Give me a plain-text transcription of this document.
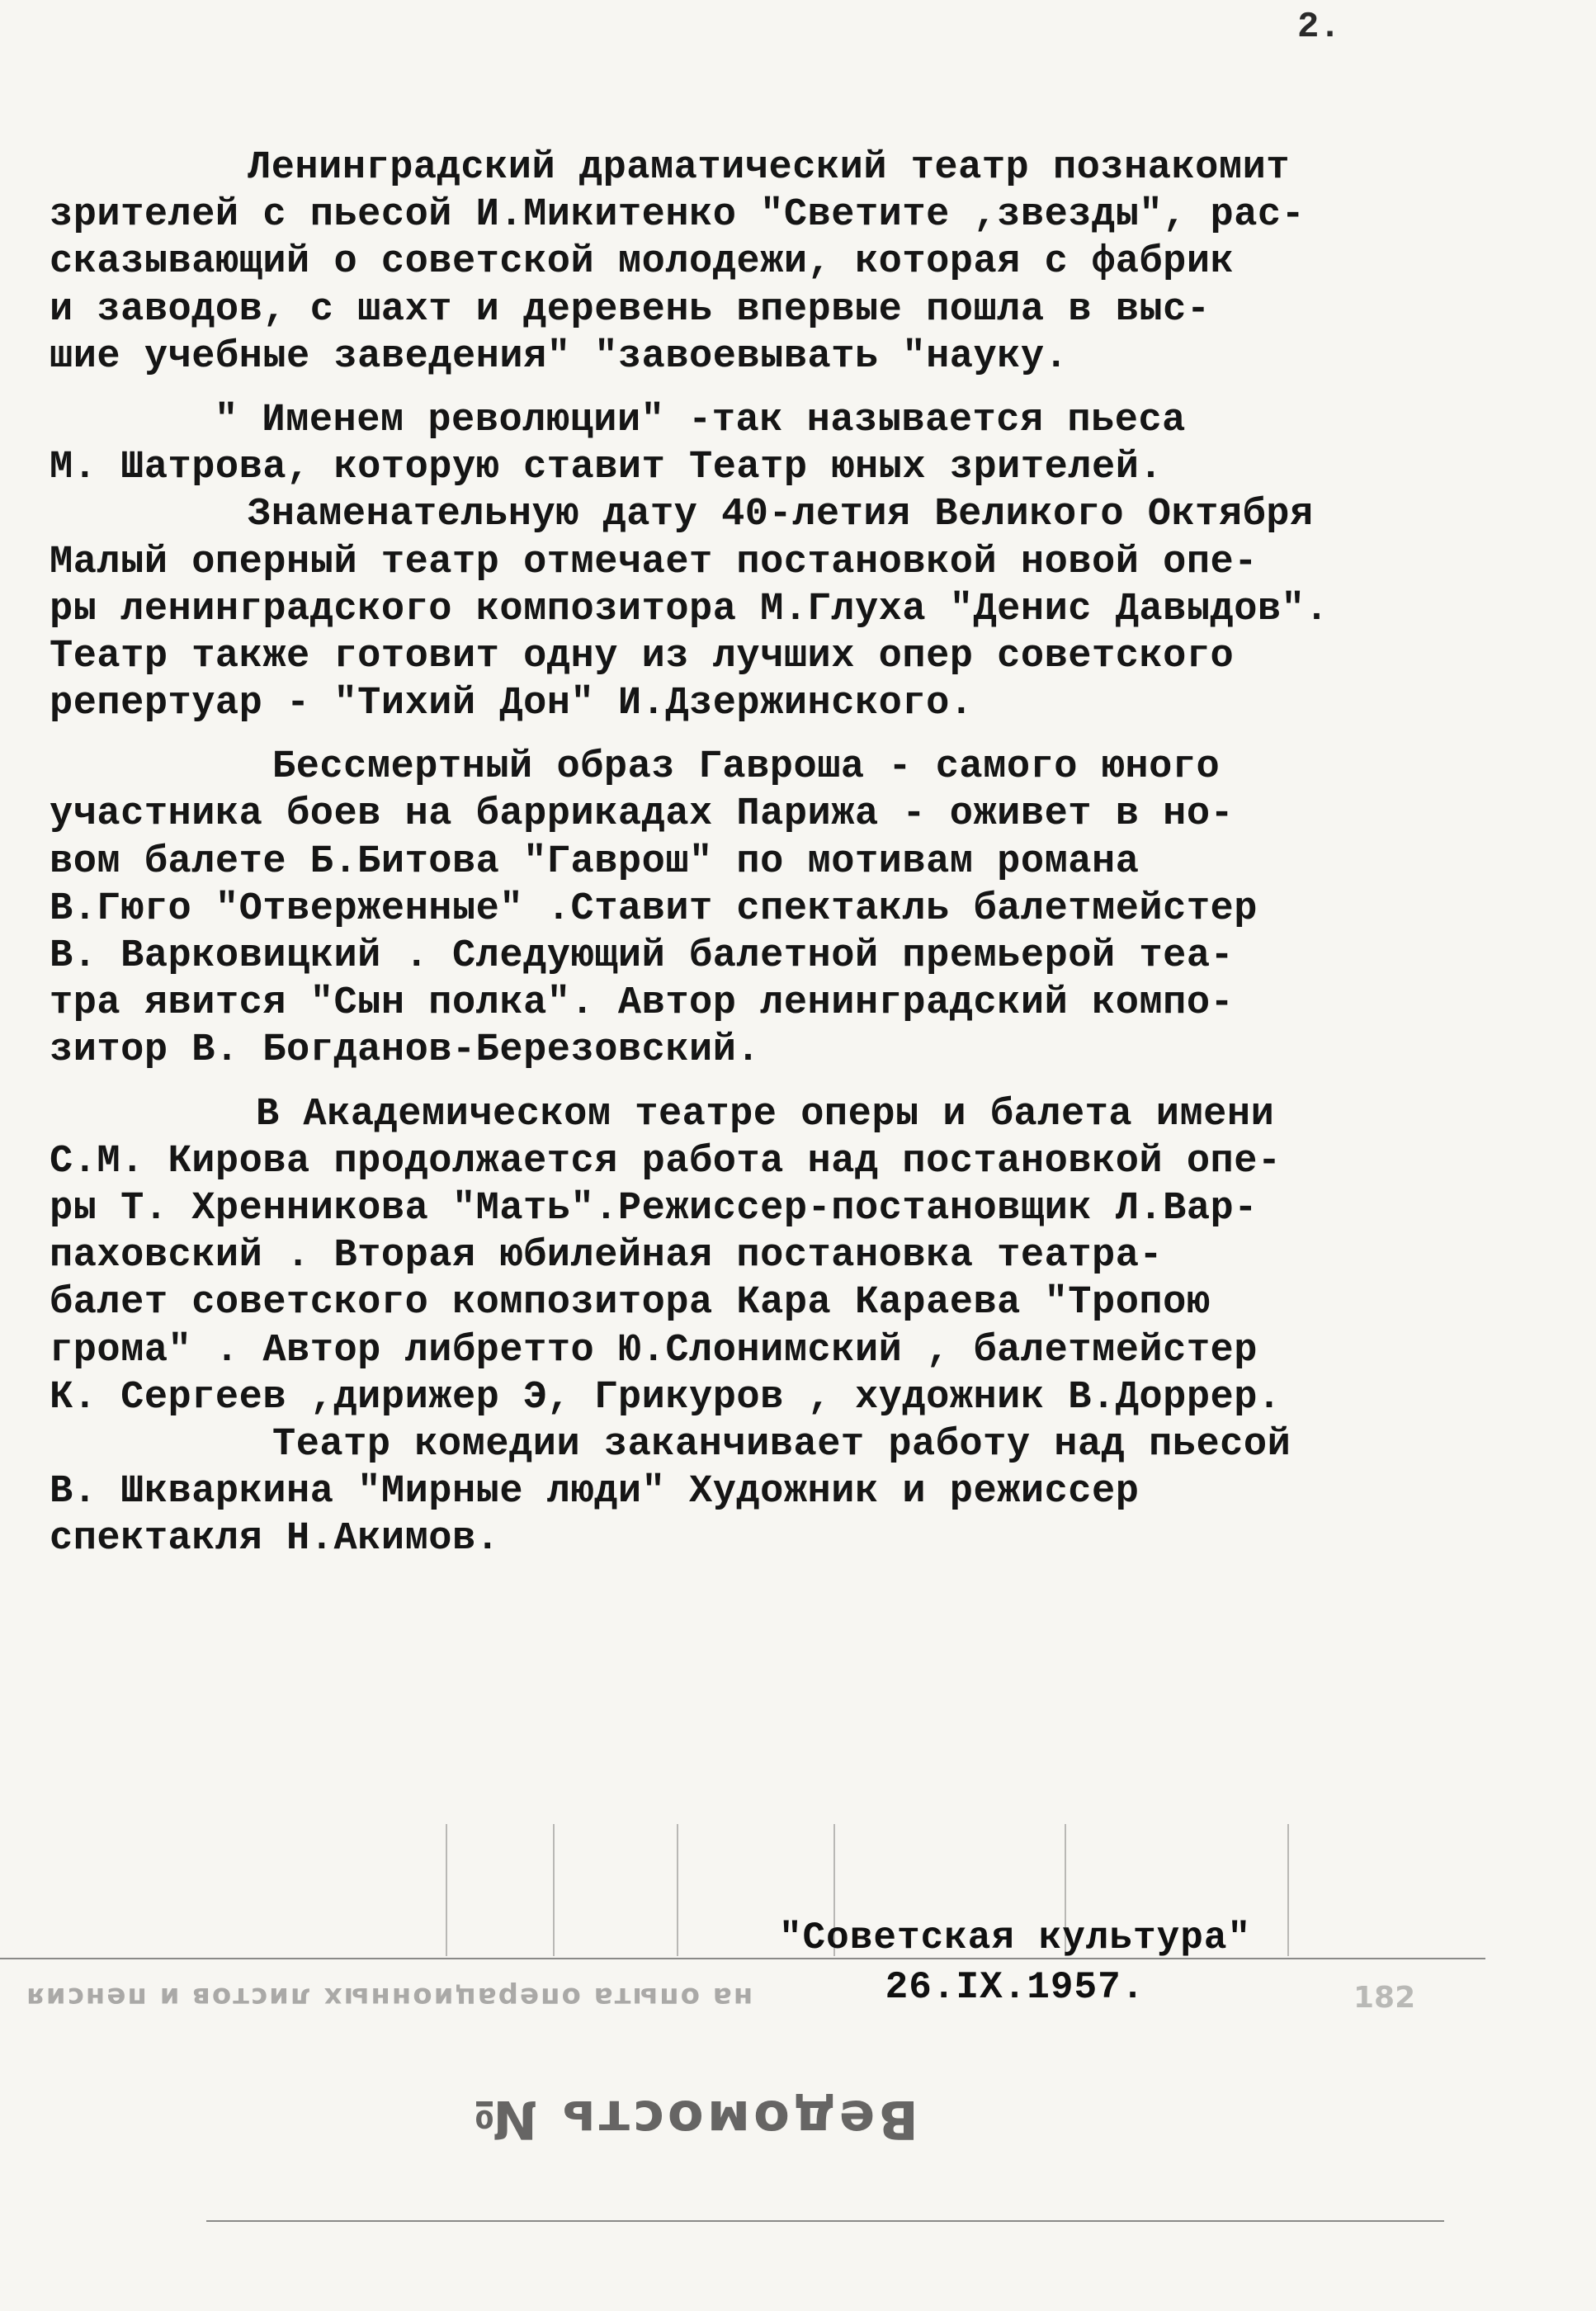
2.
Ленинградский драматический театр познакомит
зрителей с пьесой И.Микитенко "Светите ,звезды", рас-
сказывающий о советской молодежи, которая с фабрик
и заводов, с шахт и деревень впервые пошла в выс-
шие учебные заведения" "завоевывать "науку.
" Именем революции" -так называется пьеса
М. Шатрова, которую ставит Театр юных зрителей.
Знаменательную дату 40-летия Великого Октября
Малый оперный театр отмечает постановкой новой опе-
ры ленинградского композитора М.Глуха "Денис Давыдов".
Театр также готовит одну из лучших опер советского
репертуар - "Тихий Дон" И.Дзержинского.
Бессмертный образ Гавроша - самого юного
участника боев на баррикадах Парижа - оживет в но-
вом балете Б.Битова "Гаврош" по мотивам романа
В.Гюго "Отверженные" .Ставит спектакль балетмейстер
В. Варковицкий . Следующий балетной премьерой теа-
тра явится "Сын полка". Автор ленинградский компо-
зитор В. Богданов-Березовский.
В Академическом театре оперы и балета имени
С.М. Кирова продолжается работа над постановкой опе-
ры Т. Хренникова "Мать".Режиссер-постановщик Л.Вар-
паховский . Вторая юбилейная постановка театра-
балет советского композитора Кара Караева "Тропою
грома" . Автор либретто Ю.Слонимский , балетмейстер
К. Сергеев ,дирижер Э, Грикуров , художник В.Доррер.
Театр комедии заканчивает работу над пьесой
В. Шкваркина "Мирные люди" Художник и режиссер
спектакля Н.Акимов.
на опыта операционных листов и пенсия	182
Ведомость №
"Советская культура"
26.IX.1957.
